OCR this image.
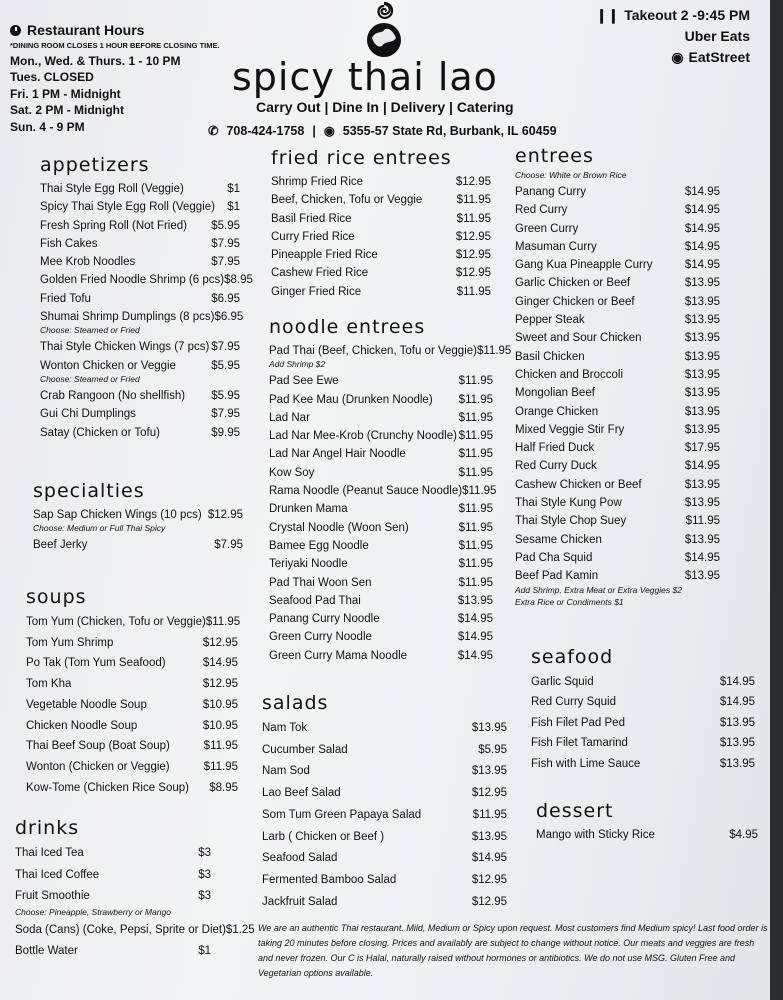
Restaurant Hours
*DINING ROOM CLOSES 1 HOUR BEFORE CLOSING TIME.
Mon., Wed. & Thurs. 1 - 10 PM
Tues. CLOSED
Fri. 1 PM - Midnight
Sat. 2 PM - Midnight
Sun. 4 - 9 PM
spicy thai lao
Carry Out | Dine In | Delivery | Catering
✆ 708-424-1758 | ◉ 5355-57 State Rd, Burbank, IL 60459
❙❙ Takeout 2 -9:45 PM
Uber Eats
◉ EatStreet
appetizers
Thai Style Egg Roll (Veggie)	$1
Spicy Thai Style Egg Roll (Veggie) $1
Fresh Spring Roll (Not Fried) $5.95
Fish Cakes	$7.95
Mee Krob Noodles	$7.95
Golden Fried Noodle Shrimp (6 pcs) $8.95
Fried Tofu	$6.95
Shumai Shrimp Dumplings (8 pcs) $6.95
Choose: Steamed or Fried
Thai Style Chicken Wings (7 pcs) $7.95
Wonton Chicken or Veggie	$5.95
Choose: Steamed or Fried
Crab Rangoon (No shellfish) $5.95
Gui Chi Dumplings	$7.95
Satay (Chicken or Tofu)	$9.95
specialties
Sap Sap Chicken Wings (10 pcs) $12.95
Choose: Medium or Full Thai Spicy
Beef Jerky	$7.95
soups
Tom Yum (Chicken, Tofu or Veggie) $11.95
Tom Yum Shrimp	$12.95
Po Tak (Tom Yum Seafood)	$14.95
Tom Kha	$12.95
Vegetable Noodle Soup	$10.95
Chicken Noodle Soup	$10.95
Thai Beef Soup (Boat Soup)	$11.95
Wonton (Chicken or Veggie)	$11.95
Kow-Tome (Chicken Rice Soup) $8.95
drinks
Thai Iced Tea	$3
Thai Iced Coffee	$3
Fruit Smoothie	$3
Choose: Pineapple, Strawberry or Mango
Soda (Cans) (Coke, Pepsi, Sprite or Diet) $1.25
Bottle Water	$1
fried rice entrees
Shrimp Fried Rice	$12.95
Beef, Chicken, Tofu or Veggie	$11.95
Basil Fried Rice	$11.95
Curry Fried Rice	$12.95
Pineapple Fried Rice	$12.95
Cashew Fried Rice	$12.95
Ginger Fried Rice	$11.95
noodle entrees
Pad Thai (Beef, Chicken, Tofu or Veggie) $11.95
Add Shrimp $2
Pad See Ewe	$11.95
Pad Kee Mau (Drunken Noodle) $11.95
Lad Nar	$11.95
Lad Nar Mee-Krob (Crunchy Noodle) $11.95
Lad Nar Angel Hair Noodle	$11.95
Kow Soy	$11.95
Rama Noodle (Peanut Sauce Noodle) $11.95
Drunken Mama	$11.95
Crystal Noodle (Woon Sen)	$11.95
Bamee Egg Noodle	$11.95
Teriyaki Noodle	$11.95
Pad Thai Woon Sen	$11.95
Seafood Pad Thai	$13.95
Panang Curry Noodle	$14.95
Green Curry Noodle	$14.95
Green Curry Mama Noodle	$14.95
salads
Nam Tok	$13.95
Cucumber Salad	$5.95
Nam Sod	$13.95
Lao Beef Salad	$12.95
Som Tum Green Papaya Salad	$11.95
Larb ( Chicken or Beef )	$13.95
Seafood Salad	$14.95
Fermented Bamboo Salad	$12.95
Jackfruit Salad	$12.95
entrees
Choose: White or Brown Rice
Panang Curry	$14.95
Red Curry	$14.95
Green Curry	$14.95
Masuman Curry	$14.95
Gang Kua Pineapple Curry	$14.95
Garlic Chicken or Beef	$13.95
Ginger Chicken or Beef	$13.95
Pepper Steak	$13.95
Sweet and Sour Chicken	$13.95
Basil Chicken	$13.95
Chicken and Broccoli	$13.95
Mongolian Beef	$13.95
Orange Chicken	$13.95
Mixed Veggie Stir Fry	$13.95
Half Fried Duck	$17.95
Red Curry Duck	$14.95
Cashew Chicken or Beef	$13.95
Thai Style Kung Pow	$13.95
Thai Style Chop Suey	$11.95
Sesame Chicken	$13.95
Pad Cha Squid	$14.95
Beef Pad Kamin	$13.95
Add Shrimp, Extra Meat or Extra Veggies $2
Extra Rice or Condiments $1
seafood
Garlic Squid	$14.95
Red Curry Squid	$14.95
Fish Filet Pad Ped	$13.95
Fish Filet Tamarind	$13.95
Fish with Lime Sauce	$13.95
dessert
Mango with Sticky Rice	$4.95
We are an authentic Thai restaurant. Mild, Medium or Spicy upon request. Most customers find Medium spicy! Last food order is taking 20 minutes before closing. Prices and availably are subject to change without notice. Our meats and veggies are fresh and never frozen. Our C is Halal, naturally raised without hormones or antibiotics. We do not use MSG. Gluten Free and Vegetarian options available.
